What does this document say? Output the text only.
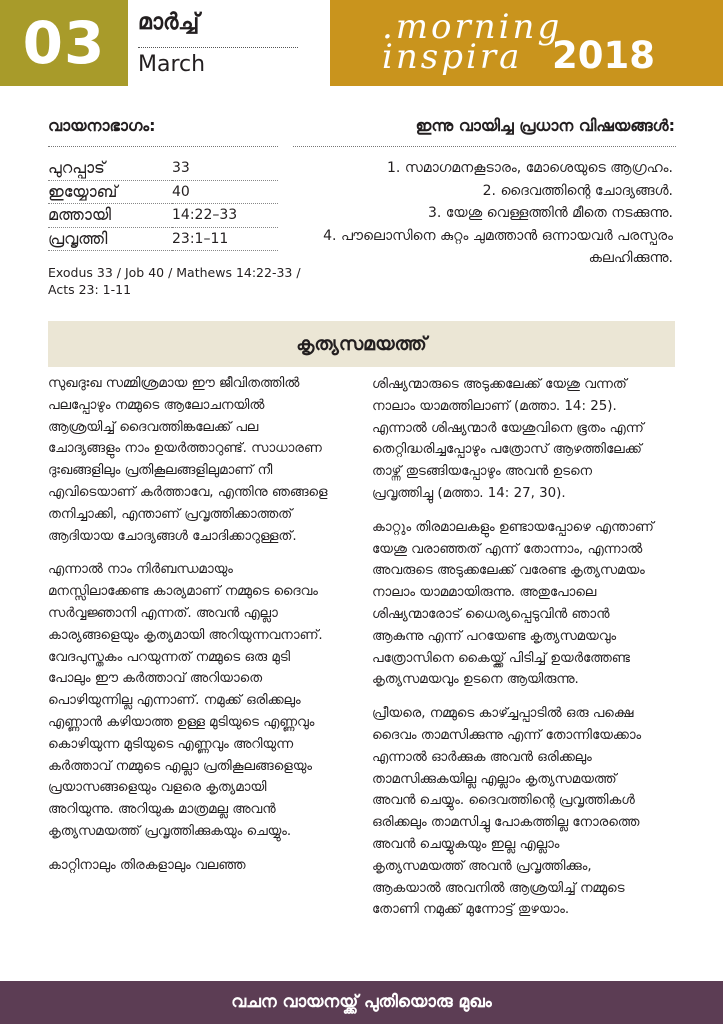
03	മാർച്ച്
March
.morning
inspira 2018
വായനാഭാഗം:	ഇന്നു വായിച്ച പ്രധാന വിഷയങ്ങൾ:
പുറപ്പാട്	33
ഇയ്യോബ്	40
മത്തായി	14:22–33
പ്രവൃത്തി	23:1–11
Exodus 33 / Job 40 / Mathews 14:22-33 / Acts 23: 1-11
1. സമാഗമനകൂടാരം, മോശെയുടെ ആഗ്രഹം.
2. ദൈവത്തിന്റെ ചോദ്യങ്ങൾ.
3. യേശു വെള്ളത്തിൻ മീതെ നടക്കുന്നു.
4. പൗലൊസിനെ കുറ്റം ചുമത്താൻ ഒന്നായവർ പരസ്പരം കലഹിക്കുന്നു.
കൃത്യസമയത്ത്

സുഖദുഃഖ സമ്മിശ്രമായ ഈ ജീവിതത്തിൽ പലപ്പോഴും നമ്മുടെ ആലോചനയിൽ ആശ്രയിച്ച് ദൈവത്തിങ്കലേക്ക് പല ചോദ്യങ്ങളും നാം ഉയർത്താറുണ്ട്. സാധാരണ ദുഃഖങ്ങളിലും പ്രതികൂലങ്ങളിലുമാണ് നീ എവിടെയാണ് കർത്താവേ, എന്തിനു ഞങ്ങളെ തനിച്ചാക്കി, എന്താണ് പ്രവൃത്തിക്കാത്തത് ആദിയായ ചോദ്യങ്ങൾ ചോദിക്കാറുള്ളത്.

എന്നാൽ നാം നിർബന്ധമായും മനസ്സിലാക്കേണ്ട കാര്യമാണ് നമ്മുടെ ദൈവം സർവ്വജ്ഞാനി എന്നത്. അവൻ എല്ലാ കാര്യങ്ങളെയും കൃത്യമായി അറിയുന്നവനാണ്. വേദപുസ്തകം പറയുന്നത് നമ്മുടെ ഒരു മുടി പോലും ഈ കർത്താവ് അറിയാതെ പൊഴിയുന്നില്ല എന്നാണ്. നമുക്ക് ഒരിക്കലും എണ്ണാൻ കഴിയാത്ത ഉള്ള മുടിയുടെ എണ്ണവും കൊഴിയുന്ന മുടിയുടെ എണ്ണവും അറിയുന്ന കർത്താവ് നമ്മുടെ എല്ലാ പ്രതികൂലങ്ങളെയും പ്രയാസങ്ങളെയും വളരെ കൃത്യമായി അറിയുന്നു. അറിയുക മാത്രമല്ല അവൻ കൃത്യസമയത്ത് പ്രവൃത്തിക്കുകയും ചെയ്യും.

കാറ്റിനാലും തിരകളാലും വലഞ്ഞ

ശിഷ്യന്മാരുടെ അടുക്കലേക്ക് യേശു വന്നത് നാലാം യാമത്തിലാണ് (മത്താ. 14: 25). എന്നാൽ ശിഷ്യന്മാർ യേശുവിനെ ഭൂതം എന്ന് തെറ്റിദ്ധരിച്ചപ്പോഴും പത്രോസ് ആഴത്തിലേക്ക് താഴ്ന്ന് തുടങ്ങിയപ്പോഴും അവൻ ഉടനെ പ്രവൃത്തിച്ചു (മത്താ. 14: 27, 30).

കാറ്റും തിരമാലകളും ഉണ്ടായപ്പോഴെ എന്താണ് യേശു വരാഞ്ഞത് എന്ന് തോന്നാം, എന്നാൽ അവരുടെ അടുക്കലേക്ക് വരേണ്ട കൃത്യസമയം നാലാം യാമമായിരുന്നു. അതുപോലെ ശിഷ്യന്മാരോട് ധൈര്യപ്പെടുവിൻ ഞാൻ ആകുന്നു എന്ന് പറയേണ്ട കൃത്യസമയവും പത്രോസിനെ കൈയ്ക്ക് പിടിച്ച് ഉയർത്തേണ്ട കൃത്യസമയവും ഉടനെ ആയിരുന്നു.

പ്രീയരെ, നമ്മുടെ കാഴ്ച്ചപ്പാടിൽ ഒരു പക്ഷെ ദൈവം താമസിക്കുന്നു എന്ന് തോന്നിയേക്കാം എന്നാൽ ഓർക്കുക അവൻ ഒരിക്കലും താമസിക്കുകയില്ല എല്ലാം കൃത്യസമയത്ത് അവൻ ചെയ്യും. ദൈവത്തിന്റെ പ്രവൃത്തികൾ ഒരിക്കലും താമസിച്ചു പോകത്തില്ല നോരത്തെ അവൻ ചെയ്യുകയും ഇല്ല എല്ലാം കൃത്യസമയത്ത് അവൻ പ്രവൃത്തിക്കും, ആകയാൽ അവനിൽ ആശ്രയിച്ച് നമ്മുടെ തോണി നമുക്ക് മുന്നോട്ട് തുഴയാം.

വചന വായനയ്ക്ക് പുതിയൊരു മുഖം
